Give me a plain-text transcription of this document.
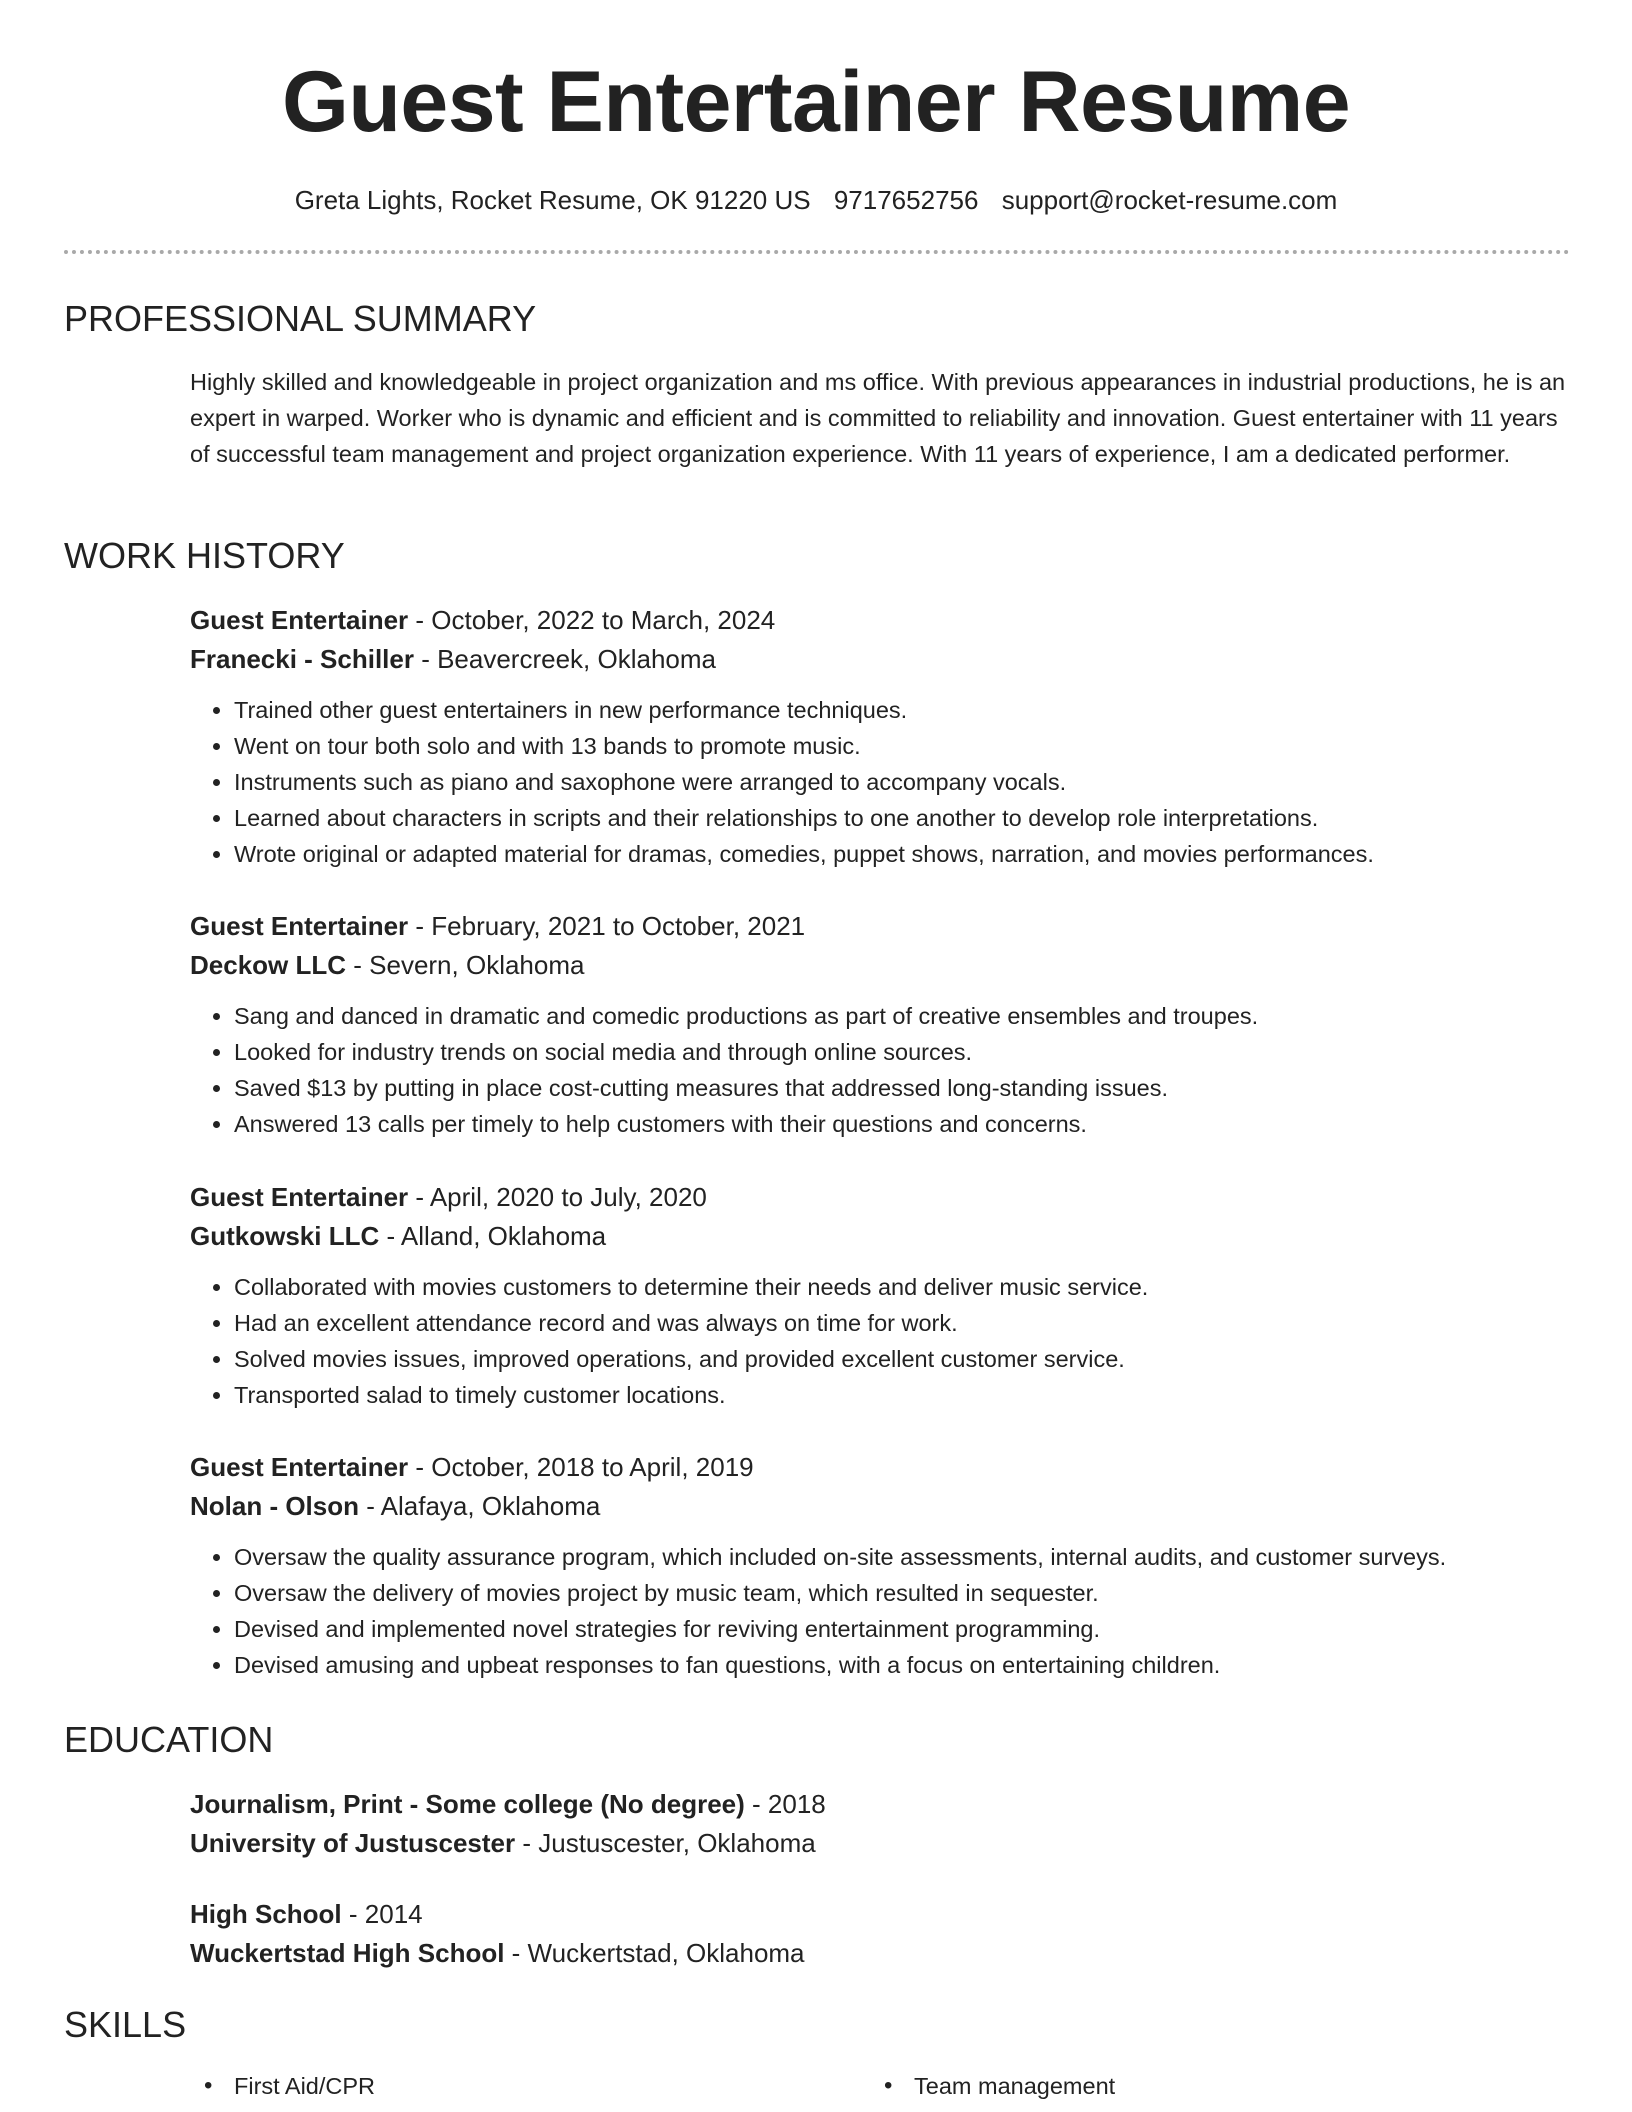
Guest Entertainer Resume
Greta Lights, Rocket Resume, OK 91220 US 9717652756 support@rocket-resume.com
PROFESSIONAL SUMMARY

Highly skilled and knowledgeable in project organization and ms office. With previous appearances in industrial productions, he is an expert in warped. Worker who is dynamic and efficient and is committed to reliability and innovation. Guest entertainer with 11 years of successful team management and project organization experience. With 11 years of experience, I am a dedicated performer.

WORK HISTORY

Guest Entertainer - October, 2022 to March, 2024

Franecki - Schiller - Beavercreek, Oklahoma

• Trained other guest entertainers in new performance techniques.
• Went on tour both solo and with 13 bands to promote music.
• Instruments such as piano and saxophone were arranged to accompany vocals.
• Learned about characters in scripts and their relationships to one another to develop role interpretations.
• Wrote original or adapted material for dramas, comedies, puppet shows, narration, and movies performances.

Guest Entertainer - February, 2021 to October, 2021

Deckow LLC - Severn, Oklahoma

• Sang and danced in dramatic and comedic productions as part of creative ensembles and troupes.
• Looked for industry trends on social media and through online sources.
• Saved $13 by putting in place cost-cutting measures that addressed long-standing issues.
• Answered 13 calls per timely to help customers with their questions and concerns.

Guest Entertainer - April, 2020 to July, 2020

Gutkowski LLC - Alland, Oklahoma

• Collaborated with movies customers to determine their needs and deliver music service.
• Had an excellent attendance record and was always on time for work.
• Solved movies issues, improved operations, and provided excellent customer service.
• Transported salad to timely customer locations.

Guest Entertainer - October, 2018 to April, 2019

Nolan - Olson - Alafaya, Oklahoma

• Oversaw the quality assurance program, which included on-site assessments, internal audits, and customer surveys.
• Oversaw the delivery of movies project by music team, which resulted in sequester.
• Devised and implemented novel strategies for reviving entertainment programming.
• Devised amusing and upbeat responses to fan questions, with a focus on entertaining children.
EDUCATION

Journalism, Print - Some college (No degree) - 2018

University of Justuscester - Justuscester, Oklahoma

High School - 2014

Wuckertstad High School - Wuckertstad, Oklahoma

SKILLS
• First Aid/CPR
•	Team management
